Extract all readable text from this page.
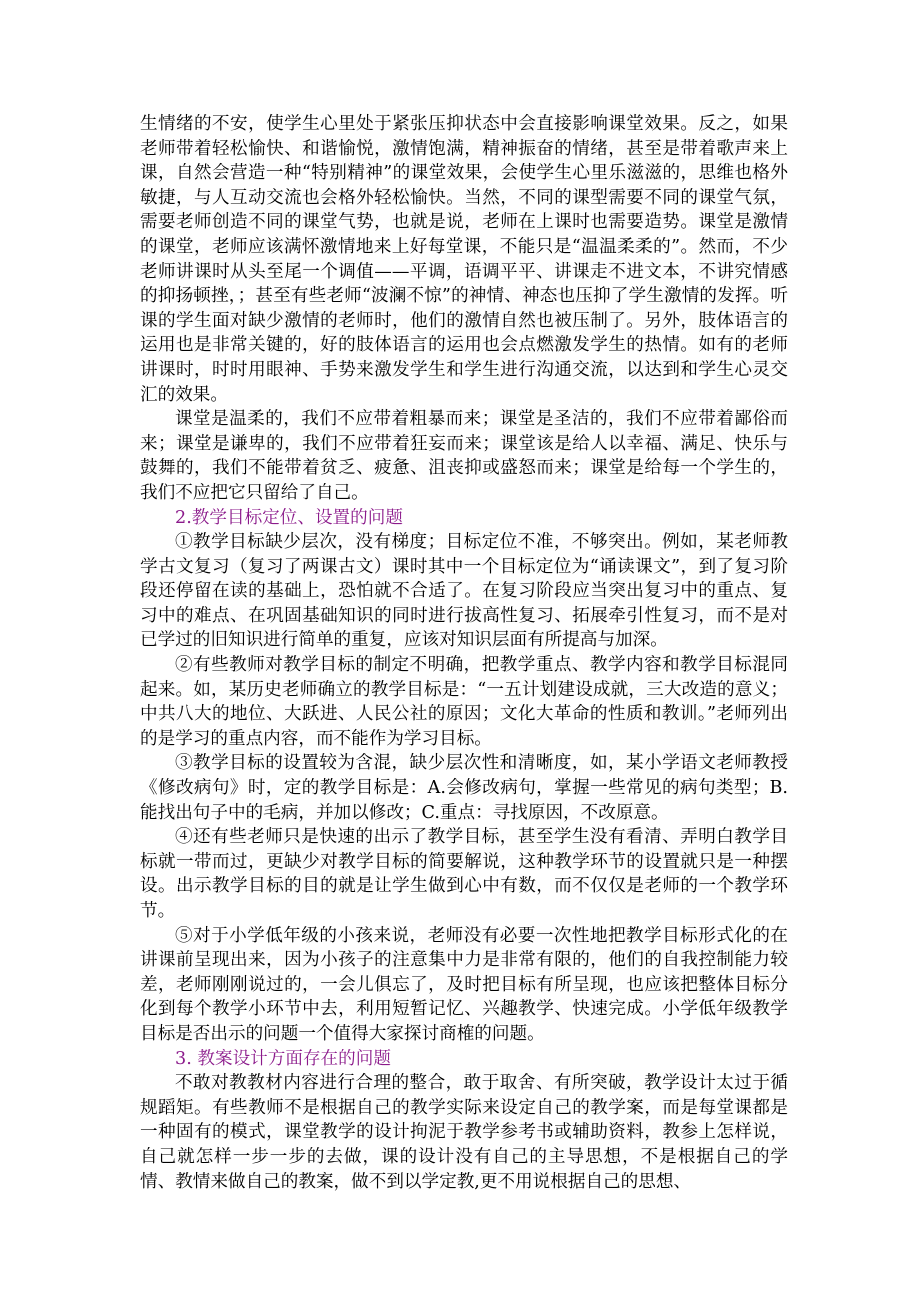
生情绪的不安，使学生心里处于紧张压抑状态中会直接影响课堂效果。反之，如果老师带着轻松愉快、和谐愉悦，激情饱满，精神振奋的情绪，甚至是带着歌声来上课，自然会营造一种“特别精神”的课堂效果，会使学生心里乐滋滋的，思维也格外敏捷，与人互动交流也会格外轻松愉快。当然，不同的课型需要不同的课堂气氛，需要老师创造不同的课堂气势，也就是说，老师在上课时也需要造势。课堂是激情的课堂，老师应该满怀激情地来上好每堂课，不能只是“温温柔柔的”。然而，不少老师讲课时从头至尾一个调值——平调，语调平平、讲课走不进文本，不讲究情感的抑扬顿挫，；甚至有些老师“波澜不惊”的神情、神态也压抑了学生激情的发挥。听课的学生面对缺少激情的老师时，他们的激情自然也被压制了。另外，肢体语言的运用也是非常关键的，好的肢体语言的运用也会点燃激发学生的热情。如有的老师讲课时，时时用眼神、手势来激发学生和学生进行沟通交流，以达到和学生心灵交汇的效果。

课堂是温柔的，我们不应带着粗暴而来；课堂是圣洁的，我们不应带着鄙俗而来；课堂是谦卑的，我们不应带着狂妄而来；课堂该是给人以幸福、满足、快乐与鼓舞的，我们不能带着贫乏、疲惫、沮丧抑或盛怒而来；课堂是给每一个学生的，我们不应把它只留给了自己。

2.教学目标定位、设置的问题

①教学目标缺少层次，没有梯度；目标定位不准，不够突出。例如，某老师教学古文复习（复习了两课古文）课时其中一个目标定位为“诵读课文”，到了复习阶段还停留在读的基础上，恐怕就不合适了。在复习阶段应当突出复习中的重点、复习中的难点、在巩固基础知识的同时进行拔高性复习、拓展牵引性复习，而不是对已学过的旧知识进行简单的重复，应该对知识层面有所提高与加深。

②有些教师对教学目标的制定不明确，把教学重点、教学内容和教学目标混同起来。如，某历史老师确立的教学目标是：“一五计划建设成就，三大改造的意义；中共八大的地位、大跃进、人民公社的原因；文化大革命的性质和教训。”老师列出的是学习的重点内容，而不能作为学习目标。

③教学目标的设置较为含混，缺少层次性和清晰度，如，某小学语文老师教授《修改病句》时，定的教学目标是：A.会修改病句，掌握一些常见的病句类型；B.能找出句子中的毛病，并加以修改；C.重点：寻找原因，不改原意。

④还有些老师只是快速的出示了教学目标，甚至学生没有看清、弄明白教学目标就一带而过，更缺少对教学目标的简要解说，这种教学环节的设置就只是一种摆设。出示教学目标的目的就是让学生做到心中有数，而不仅仅是老师的一个教学环节。

⑤对于小学低年级的小孩来说，老师没有必要一次性地把教学目标形式化的在讲课前呈现出来，因为小孩子的注意集中力是非常有限的，他们的自我控制能力较差，老师刚刚说过的，一会儿俱忘了，及时把目标有所呈现，也应该把整体目标分化到每个教学小环节中去，利用短暂记忆、兴趣教学、快速完成。小学低年级教学目标是否出示的问题一个值得大家探讨商榷的问题。

3. 教案设计方面存在的问题

不敢对教教材内容进行合理的整合，敢于取舍、有所突破，教学设计太过于循规蹈矩。有些教师不是根据自己的教学实际来设定自己的教学案，而是每堂课都是一种固有的模式，课堂教学的设计拘泥于教学参考书或辅助资料，教参上怎样说，自己就怎样一步一步的去做，课的设计没有自己的主导思想，不是根据自己的学情、教情来做自己的教案，做不到以学定教,更不用说根据自己的思想、
